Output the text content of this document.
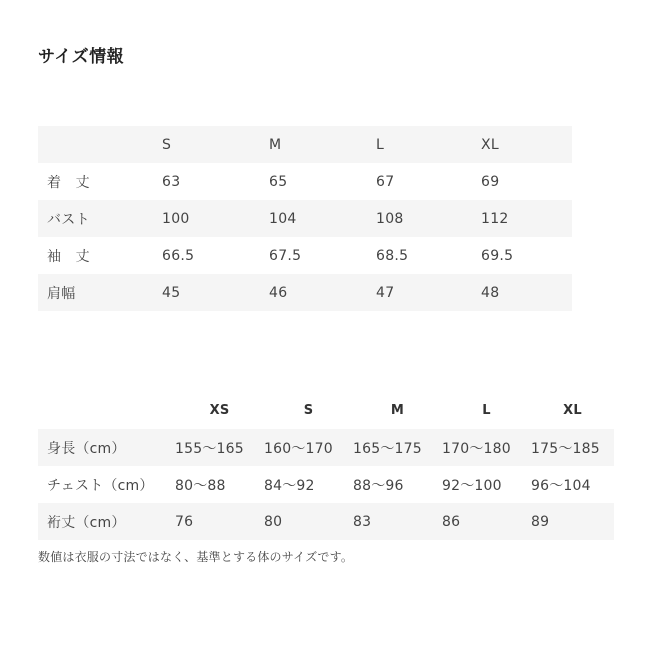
サイズ情報
	S	M	L	XL
着　丈	63	65	67	69
バスト	100	104	108	112
袖　丈	66.5	67.5	68.5	69.5
肩幅	45	46	47	48
	XS	S	M	L	XL
身長（cm）	155〜165	160〜170	165〜175	170〜180	175〜185
チェスト（cm）	80〜88	84〜92	88〜96	92〜100	96〜104
裄丈（cm）	76	80	83	86	89
数値は衣服の寸法ではなく、基準とする体のサイズです。
